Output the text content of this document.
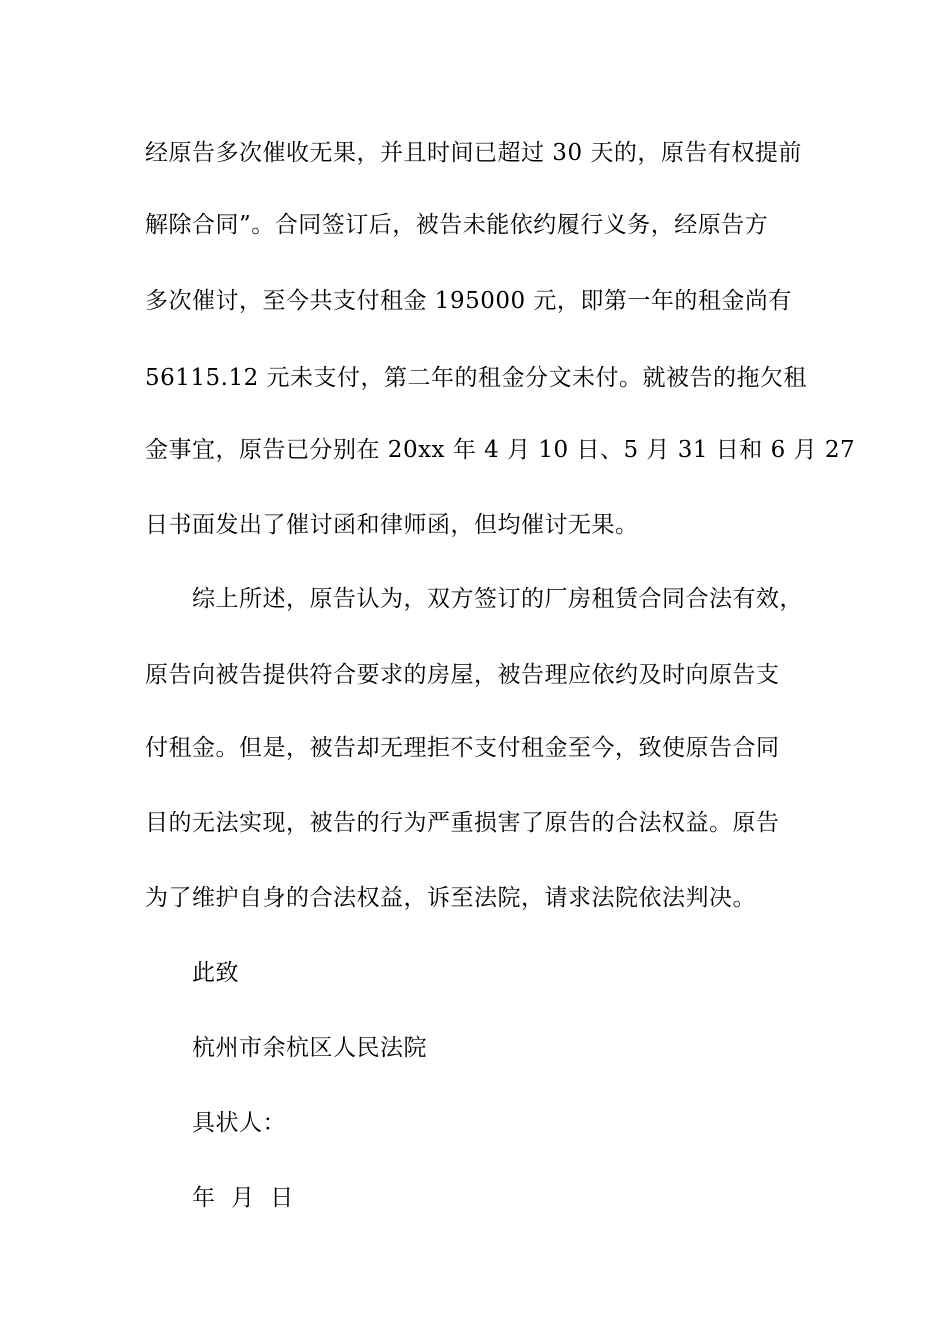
经原告多次催收无果，并且时间已超过 30 天的，原告有权提前
解除合同”。合同签订后，被告未能依约履行义务，经原告方
多次催讨，至今共支付租金 195000 元，即第一年的租金尚有
56115.12 元未支付，第二年的租金分文未付。就被告的拖欠租
金事宜，原告已分别在 20xx 年 4 月 10 日、5 月 31 日和 6 月 27
日书面发出了催讨函和律师函，但均催讨无果。
综上所述，原告认为，双方签订的厂房租赁合同合法有效，
原告向被告提供符合要求的房屋，被告理应依约及时向原告支
付租金。但是，被告却无理拒不支付租金至今，致使原告合同
目的无法实现，被告的行为严重损害了原告的合法权益。原告
为了维护自身的合法权益，诉至法院，请求法院依法判决。
此致
杭州市余杭区人民法院
具状人：
年  月  日
